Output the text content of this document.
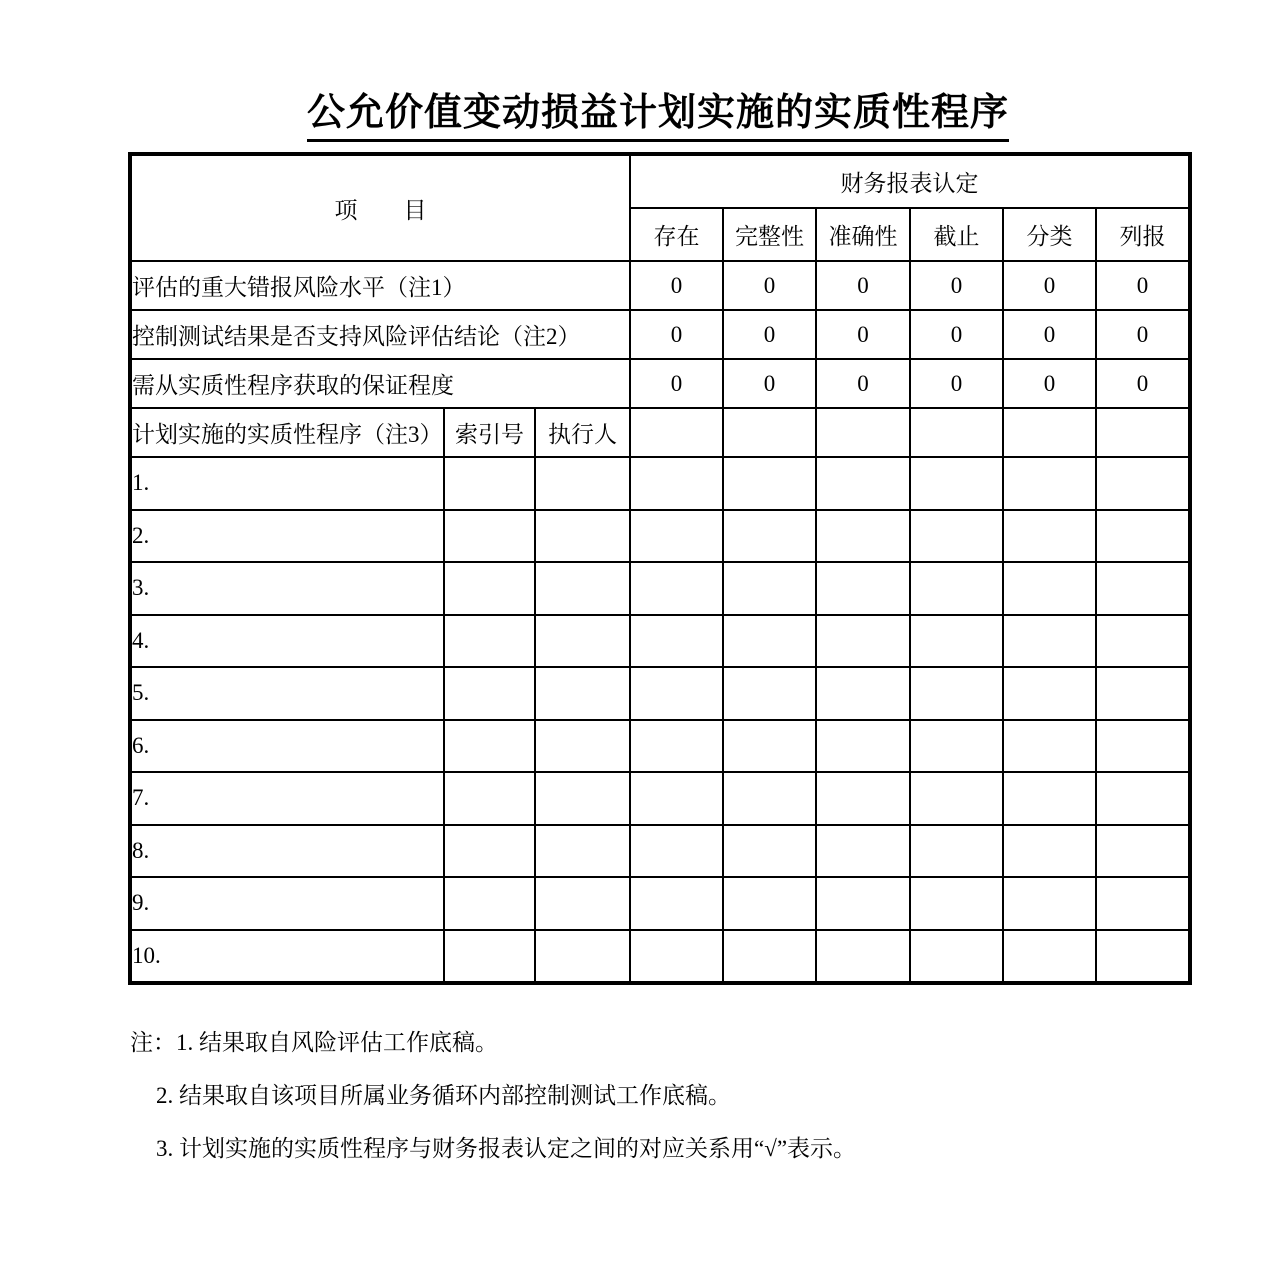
公允价值变动损益计划实施的实质性程序
项　　目			财务报表认定					
			存在	完整性	准确性	截止	分类	列报
评估的重大错报风险水平（注1）			0	0	0	0	0	0
控制测试结果是否支持风险评估结论（注2）			0	0	0	0	0	0
需从实质性程序获取的保证程度			0	0	0	0	0	0
计划实施的实质性程序（注3）	索引号	执行人						
1.								
2.								
3.								
4.								
5.								
6.								
7.								
8.								
9.								
10.								

注：1. 结果取自风险评估工作底稿。

2. 结果取自该项目所属业务循环内部控制测试工作底稿。

3. 计划实施的实质性程序与财务报表认定之间的对应关系用“√”表示。
